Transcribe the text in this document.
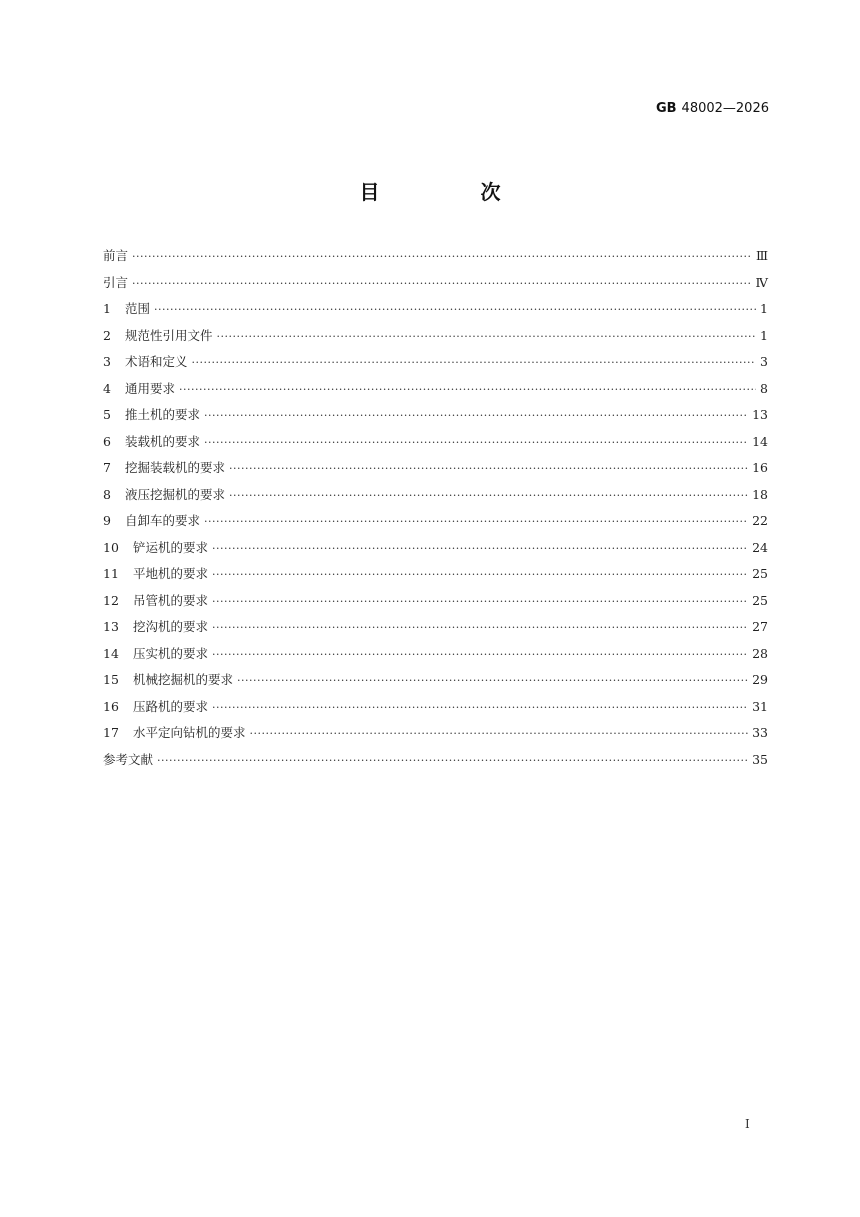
GB 48002—2026
目 次
前言 ·····	Ⅲ
引言 ·····	Ⅳ
1	范围 ·····	1
2	规范性引用文件 ·····	1
3	术语和定义 ·····	3
4	通用要求 ·····	8
5	推土机的要求 ·····	13
6	装载机的要求 ·····	14
7	挖掘装载机的要求 ·····	16
8	液压挖掘机的要求 ·····	18
9	自卸车的要求 ·····	22
10	铲运机的要求 ·····	24
11	平地机的要求 ·····	25
12	吊管机的要求 ·····	25
13	挖沟机的要求 ·····	27
14	压实机的要求 ·····	28
15	机械挖掘机的要求 ·····	29
16	压路机的要求 ·····	31
17	水平定向钻机的要求 ·····	33
参考文献 ·····	35
I
